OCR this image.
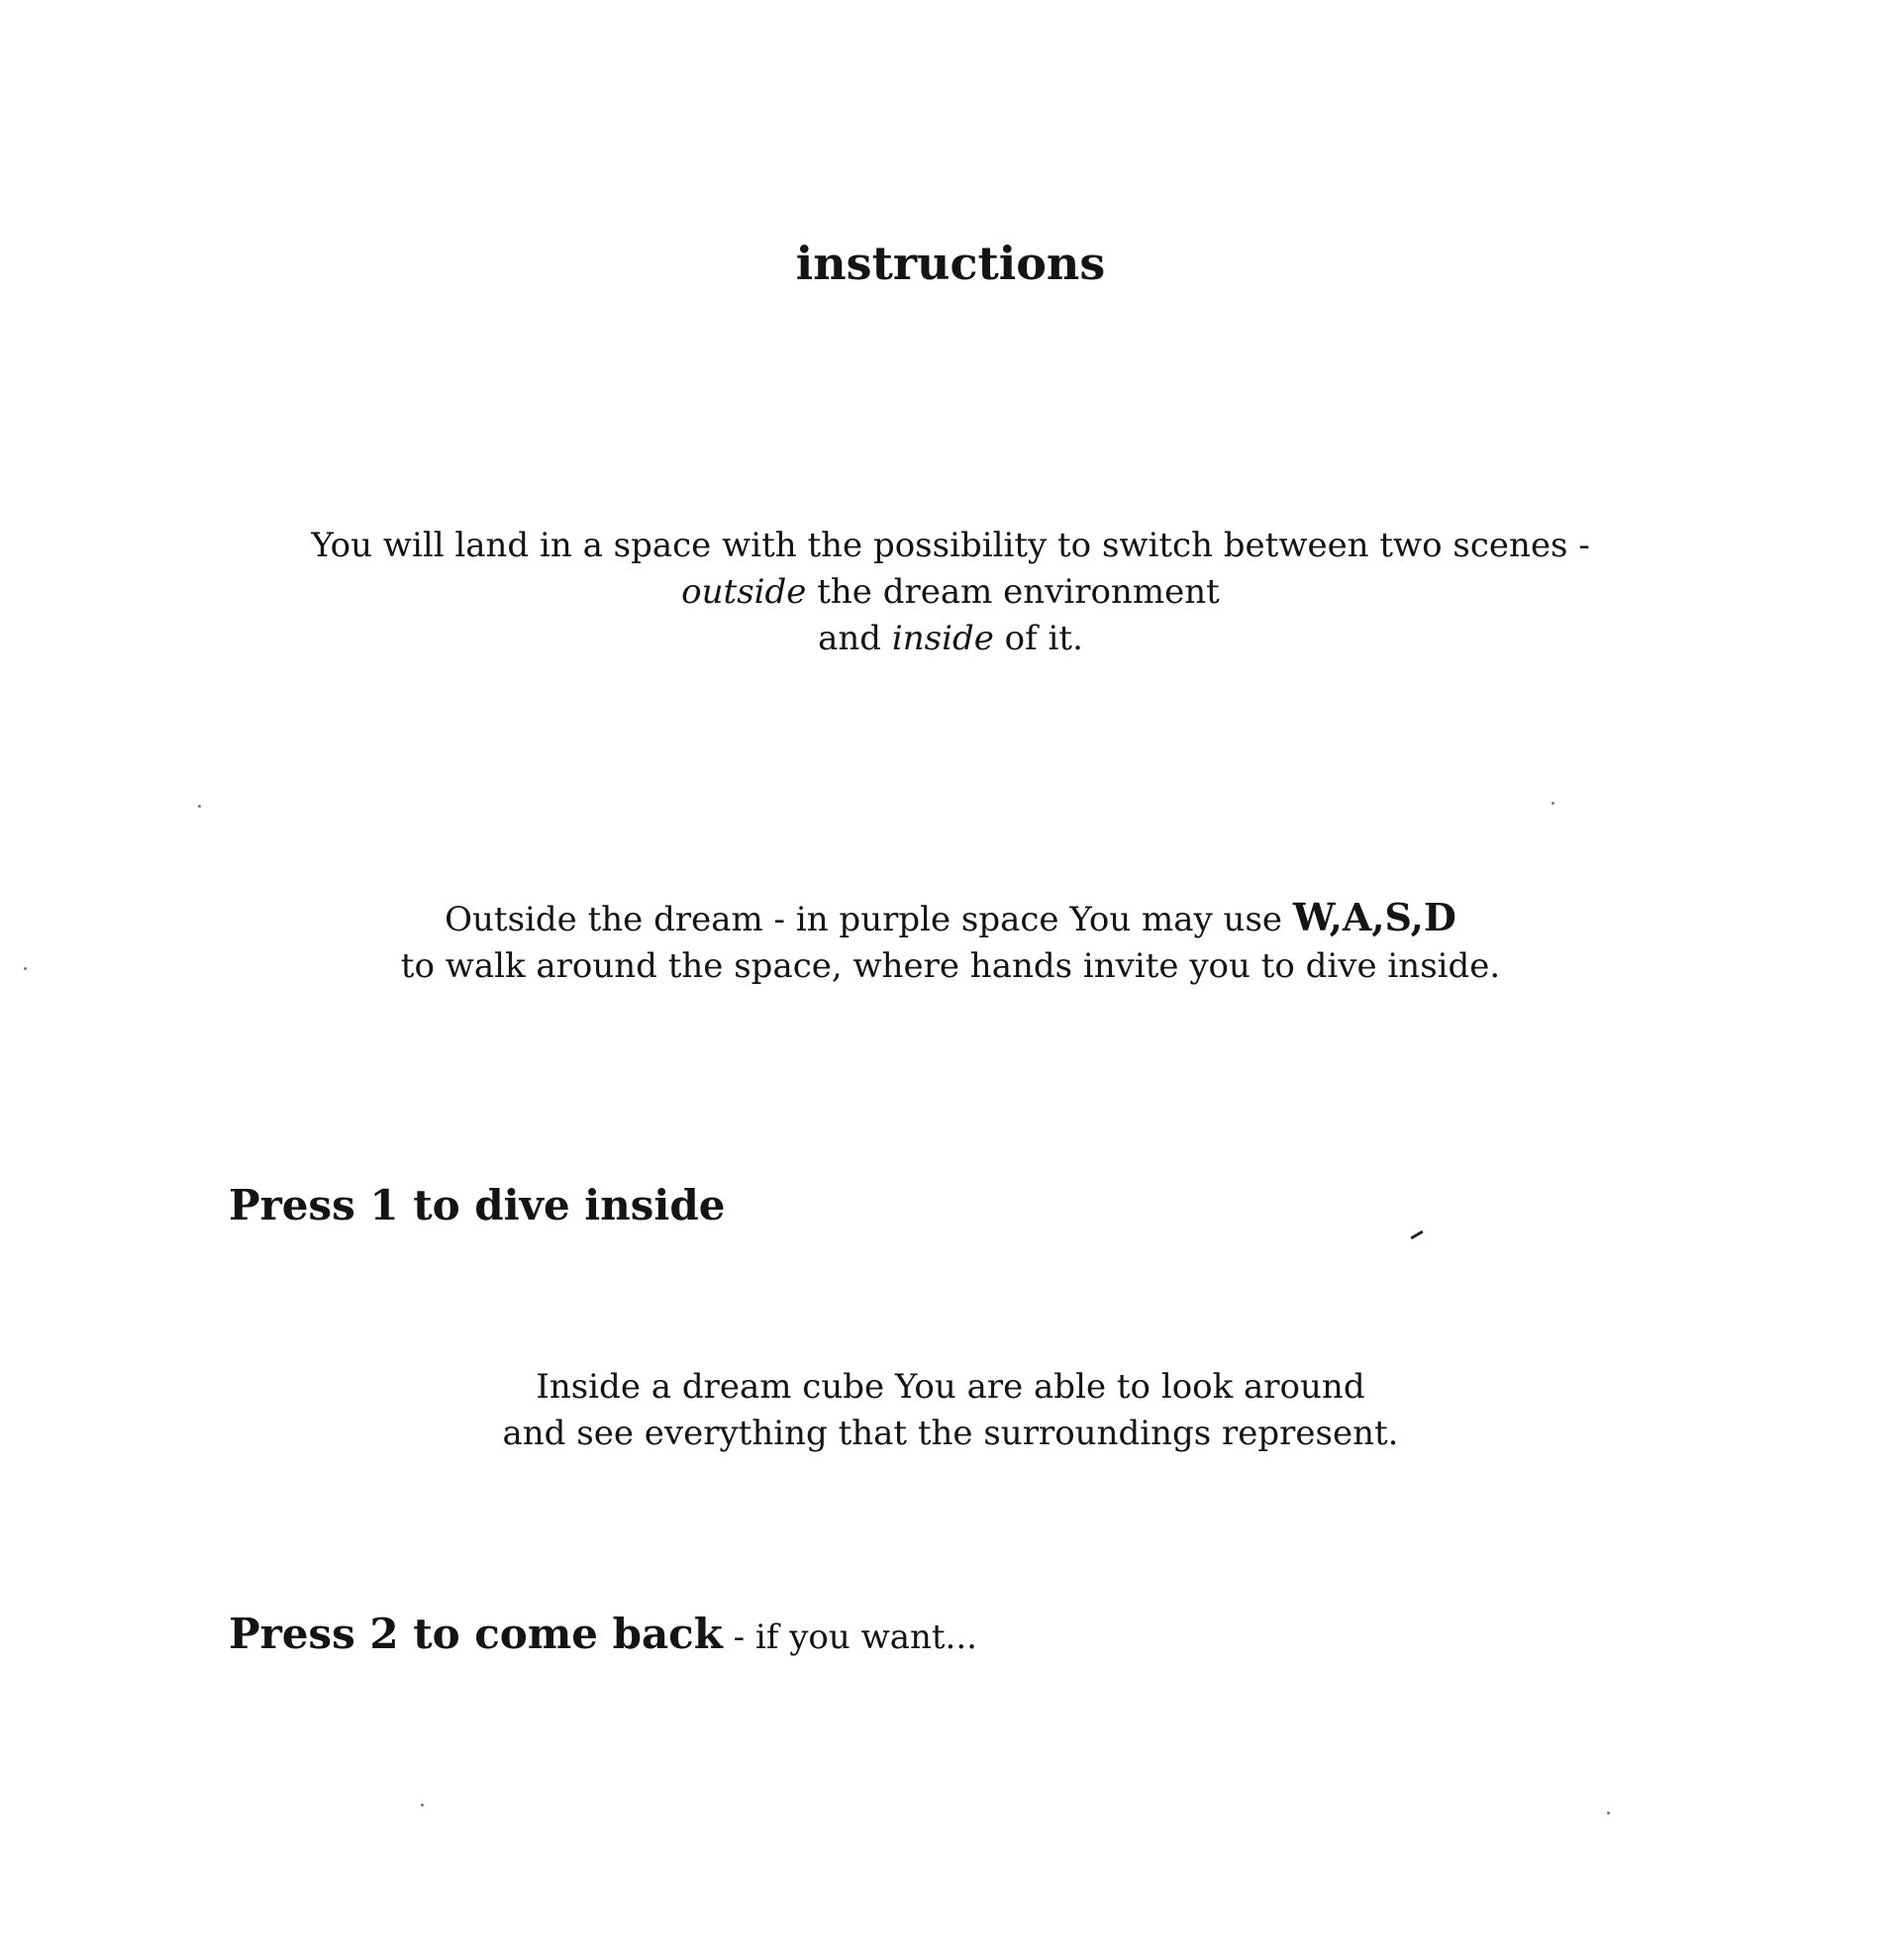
instructions
You will land in a space with the possibility to switch between two scenes -
outside the dream environment
and inside of it.
Outside the dream - in purple space You may use W,A,S,D
to walk around the space, where hands invite you to dive inside.
Press 1 to dive inside
Inside a dream cube You are able to look around
and see everything that the surroundings represent.
Press 2 to come back - if you want...
